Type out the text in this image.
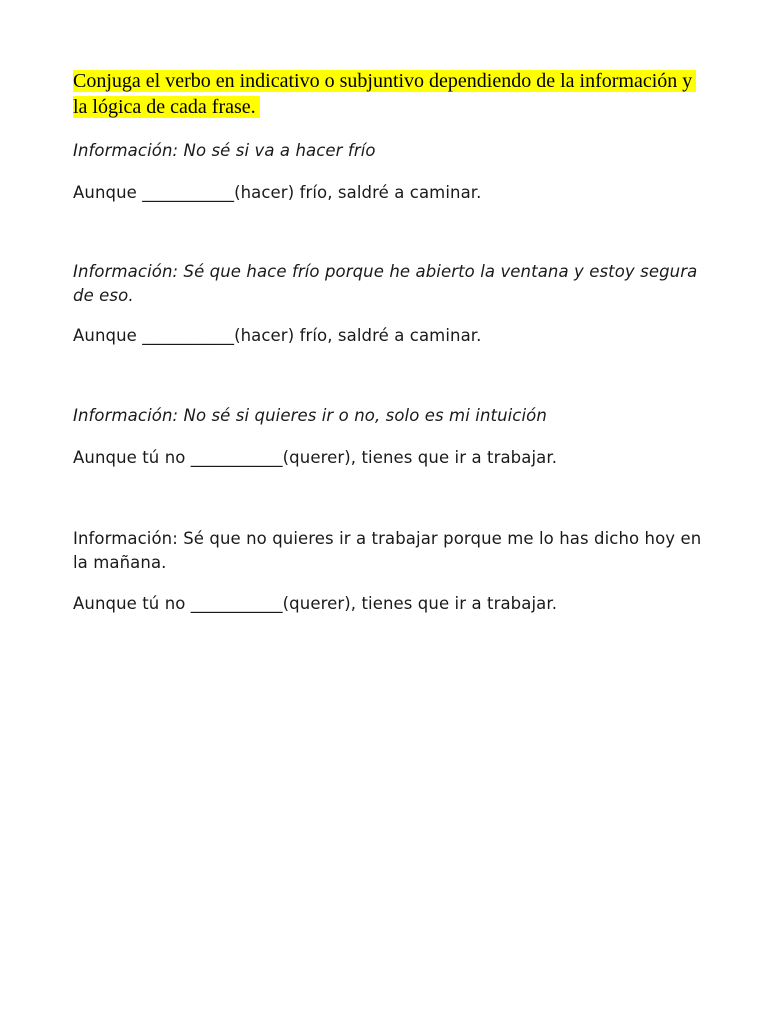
Conjuga el verbo en indicativo o subjuntivo dependiendo de la información y la lógica de cada frase.

Información: No sé si va a hacer frío

Aunque ___________(hacer) frío, saldré a caminar.

Información: Sé que hace frío porque he abierto la ventana y estoy segura de eso.

Aunque ___________(hacer) frío, saldré a caminar.

Información: No sé si quieres ir o no, solo es mi intuición

Aunque tú no ___________(querer), tienes que ir a trabajar.

Información: Sé que no quieres ir a trabajar porque me lo has dicho hoy en la mañana.

Aunque tú no ___________(querer), tienes que ir a trabajar.
